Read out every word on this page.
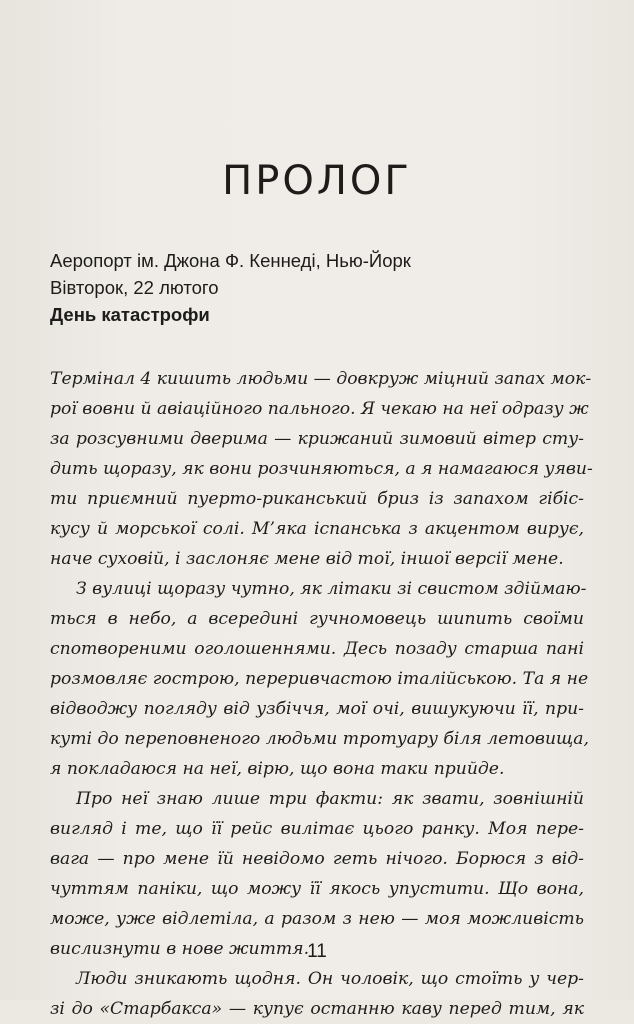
ПРОЛОГ
Аеропорт ім. Джона Ф. Кеннеді, Нью-Йорк
Вівторок, 22 лютого
День катастрофи
Термінал 4 кишить людьми — довкруж міцний запах мок-
рої вовни й авіаційного пального. Я чекаю на неї одразу ж
за розсувними дверима — крижаний зимовий вітер сту-
дить щоразу, як вони розчиняються, а я намагаюся уяви-
ти приємний пуерто-риканський бриз із запахом гібіс-
кусу й морської солі. М’яка іспанська з акцентом вирує,
наче суховій, і заслоняє мене від тої, іншої версії мене.
З вулиці щоразу чутно, як літаки зі свистом здіймаю-
ться в небо, а всередині гучномовець шипить своїми
спотвореними оголошеннями. Десь позаду старша пані
розмовляє гострою, переривчастою італійською. Та я не
відводжу погляду від узбіччя, мої очі, вишукуючи її, при-
куті до переповненого людьми тротуару біля летовища,
я покладаюся на неї, вірю, що вона таки прийде.
Про неї знаю лише три факти: як звати, зовнішній
вигляд і те, що її рейс вилітає цього ранку. Моя пере-
вага — про мене їй невідомо геть нічого. Борюся з від-
чуттям паніки, що можу її якось упустити. Що вона,
може, уже відлетіла, а разом з нею — моя можливість
вислизнути в нове життя.
Люди зникають щодня. Он чоловік, що стоїть у чер-
зі до «Старбакса» — купує останню каву перед тим, як
11
